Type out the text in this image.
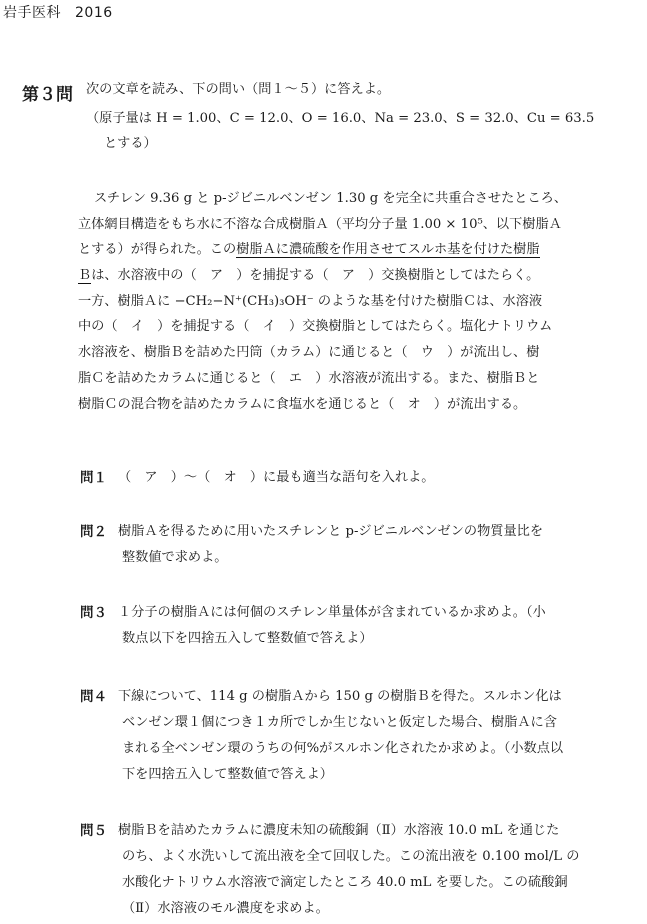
岩手医科 2016
第３問 次の文章を読み、下の問い（問１～５）に答えよ。
（原子量は H = 1.00、C = 12.0、O = 16.0、Na = 23.0、S = 32.0、Cu = 63.5
とする）
スチレン 9.36 g と p-ジビニルベンゼン 1.30 g を完全に共重合させたところ、
立体網目構造をもち水に不溶な合成樹脂Ａ（平均分子量 1.00 × 10⁵、以下樹脂Ａ
とする）が得られた。この樹脂Ａに濃硫酸を作用させてスルホ基を付けた樹脂
Ｂは、水溶液中の（　ア　）を捕捉する（　ア　）交換樹脂としてはたらく。
一方、樹脂Ａに −CH₂−N⁺(CH₃)₃OH⁻ のような基を付けた樹脂Ｃは、水溶液
中の（　イ　）を捕捉する（　イ　）交換樹脂としてはたらく。塩化ナトリウム
水溶液を、樹脂Ｂを詰めた円筒（カラム）に通じると（　ウ　）が流出し、樹
脂Ｃを詰めたカラムに通じると（　エ　）水溶液が流出する。また、樹脂Ｂと
樹脂Ｃの混合物を詰めたカラムに食塩水を通じると（　オ　）が流出する。
問１ （　ア　）～（　オ　）に最も適当な語句を入れよ。
問２ 樹脂Ａを得るために用いたスチレンと p-ジビニルベンゼンの物質量比を
整数値で求めよ。
問３ １分子の樹脂Ａには何個のスチレン単量体が含まれているか求めよ。（小
数点以下を四捨五入して整数値で答えよ）
問４ 下線について、114 g の樹脂Ａから 150 g の樹脂Ｂを得た。スルホン化は
ベンゼン環１個につき１カ所でしか生じないと仮定した場合、樹脂Ａに含
まれる全ベンゼン環のうちの何%がスルホン化されたか求めよ。（小数点以
下を四捨五入して整数値で答えよ）
問５ 樹脂Ｂを詰めたカラムに濃度未知の硫酸銅（Ⅱ）水溶液 10.0 mL を通じた
のち、よく水洗いして流出液を全て回収した。この流出液を 0.100 mol/L の
水酸化ナトリウム水溶液で滴定したところ 40.0 mL を要した。この硫酸銅
（Ⅱ）水溶液のモル濃度を求めよ。
